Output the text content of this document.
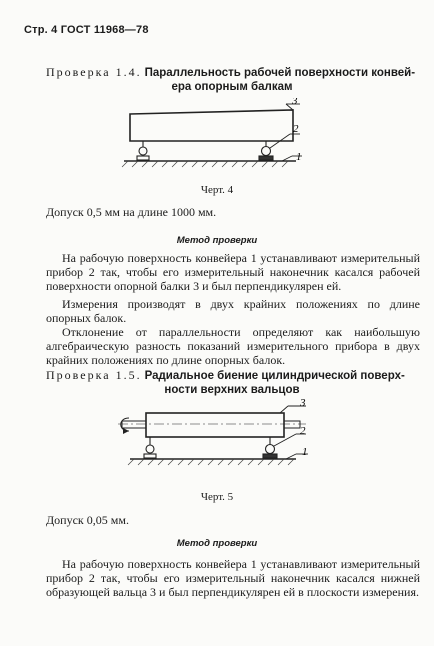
Стр. 4 ГОСТ 11968—78
Проверка 1.4. Параллельность рабочей поверхности конвей-
ера опорным балкам
3
2
1
Черт. 4
Допуск 0,5 мм на длине 1000 мм.
Метод проверки
На рабочую поверхность конвейера 1 устанавливают измерительный прибор 2 так, чтобы его измерительный наконечник касался рабочей поверхности опорной балки 3 и был перпендикулярен ей.
Измерения производят в двух крайних положениях по длине опорных балок.
Отклонение от параллельности определяют как наибольшую алгебраическую разность показаний измерительного прибора в двух крайних положениях по длине опорных балок.
Проверка 1.5. Радиальное биение цилиндрической поверх-
ности верхних вальцов
3
2
1
Черт. 5
Допуск 0,05 мм.
Метод проверки
На рабочую поверхность конвейера 1 устанавливают измерительный прибор 2 так, чтобы его измерительный наконечник касался нижней образующей вальца 3 и был перпендикулярен ей в плоскости измерения.
